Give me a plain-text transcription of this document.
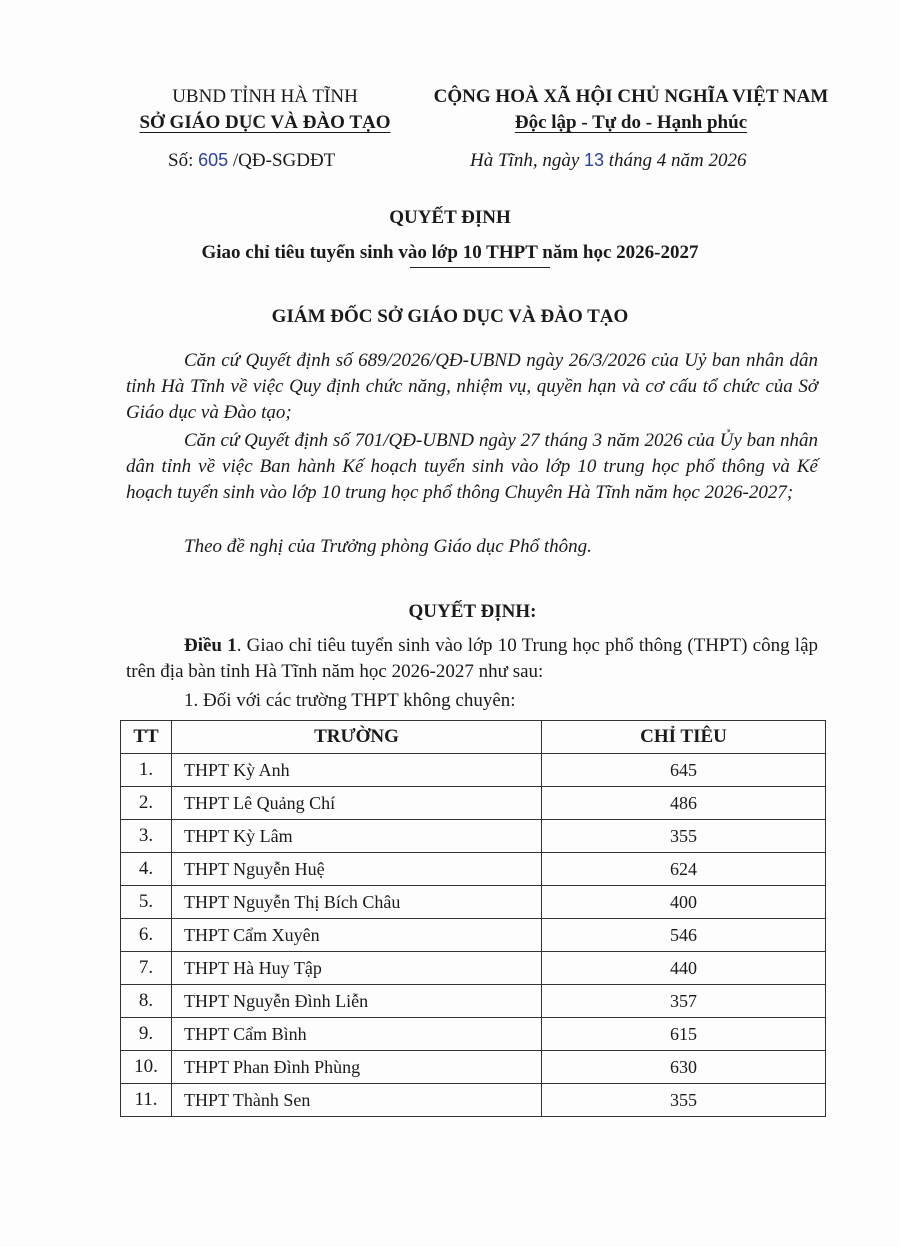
UBND TỈNH HÀ TĨNH
SỞ GIÁO DỤC VÀ ĐÀO TẠO
CỘNG HOÀ XÃ HỘI CHỦ NGHĨA VIỆT NAM
Độc lập - Tự do - Hạnh phúc
Số: 605 /QĐ-SGDĐT	Hà Tĩnh, ngày 13 tháng 4 năm 2026
QUYẾT ĐỊNH
Giao chỉ tiêu tuyển sinh vào lớp 10 THPT năm học 2026-2027
GIÁM ĐỐC SỞ GIÁO DỤC VÀ ĐÀO TẠO
Căn cứ Quyết định số 689/2026/QĐ-UBND ngày 26/3/2026 của Uỷ ban nhân dân tỉnh Hà Tĩnh về việc Quy định chức năng, nhiệm vụ, quyền hạn và cơ cấu tổ chức của Sở Giáo dục và Đào tạo;
Căn cứ Quyết định số 701/QĐ-UBND ngày 27 tháng 3 năm 2026 của Ủy ban nhân dân tỉnh về việc Ban hành Kế hoạch tuyển sinh vào lớp 10 trung học phổ thông và Kế hoạch tuyển sinh vào lớp 10 trung học phổ thông Chuyên Hà Tĩnh năm học 2026-2027;
Theo đề nghị của Trưởng phòng Giáo dục Phổ thông.
QUYẾT ĐỊNH:
Điều 1. Giao chỉ tiêu tuyển sinh vào lớp 10 Trung học phổ thông (THPT) công lập trên địa bàn tỉnh Hà Tĩnh năm học 2026-2027 như sau:
1. Đối với các trường THPT không chuyên:
TT	TRƯỜNG	CHỈ TIÊU
1.	THPT Kỳ Anh	645
2.	THPT Lê Quảng Chí	486
3.	THPT Kỳ Lâm	355
4.	THPT Nguyễn Huệ	624
5.	THPT Nguyễn Thị Bích Châu	400
6.	THPT Cẩm Xuyên	546
7.	THPT Hà Huy Tập	440
8.	THPT Nguyễn Đình Liễn	357
9.	THPT Cẩm Bình	615
10.	THPT Phan Đình Phùng	630
11.	THPT Thành Sen	355
